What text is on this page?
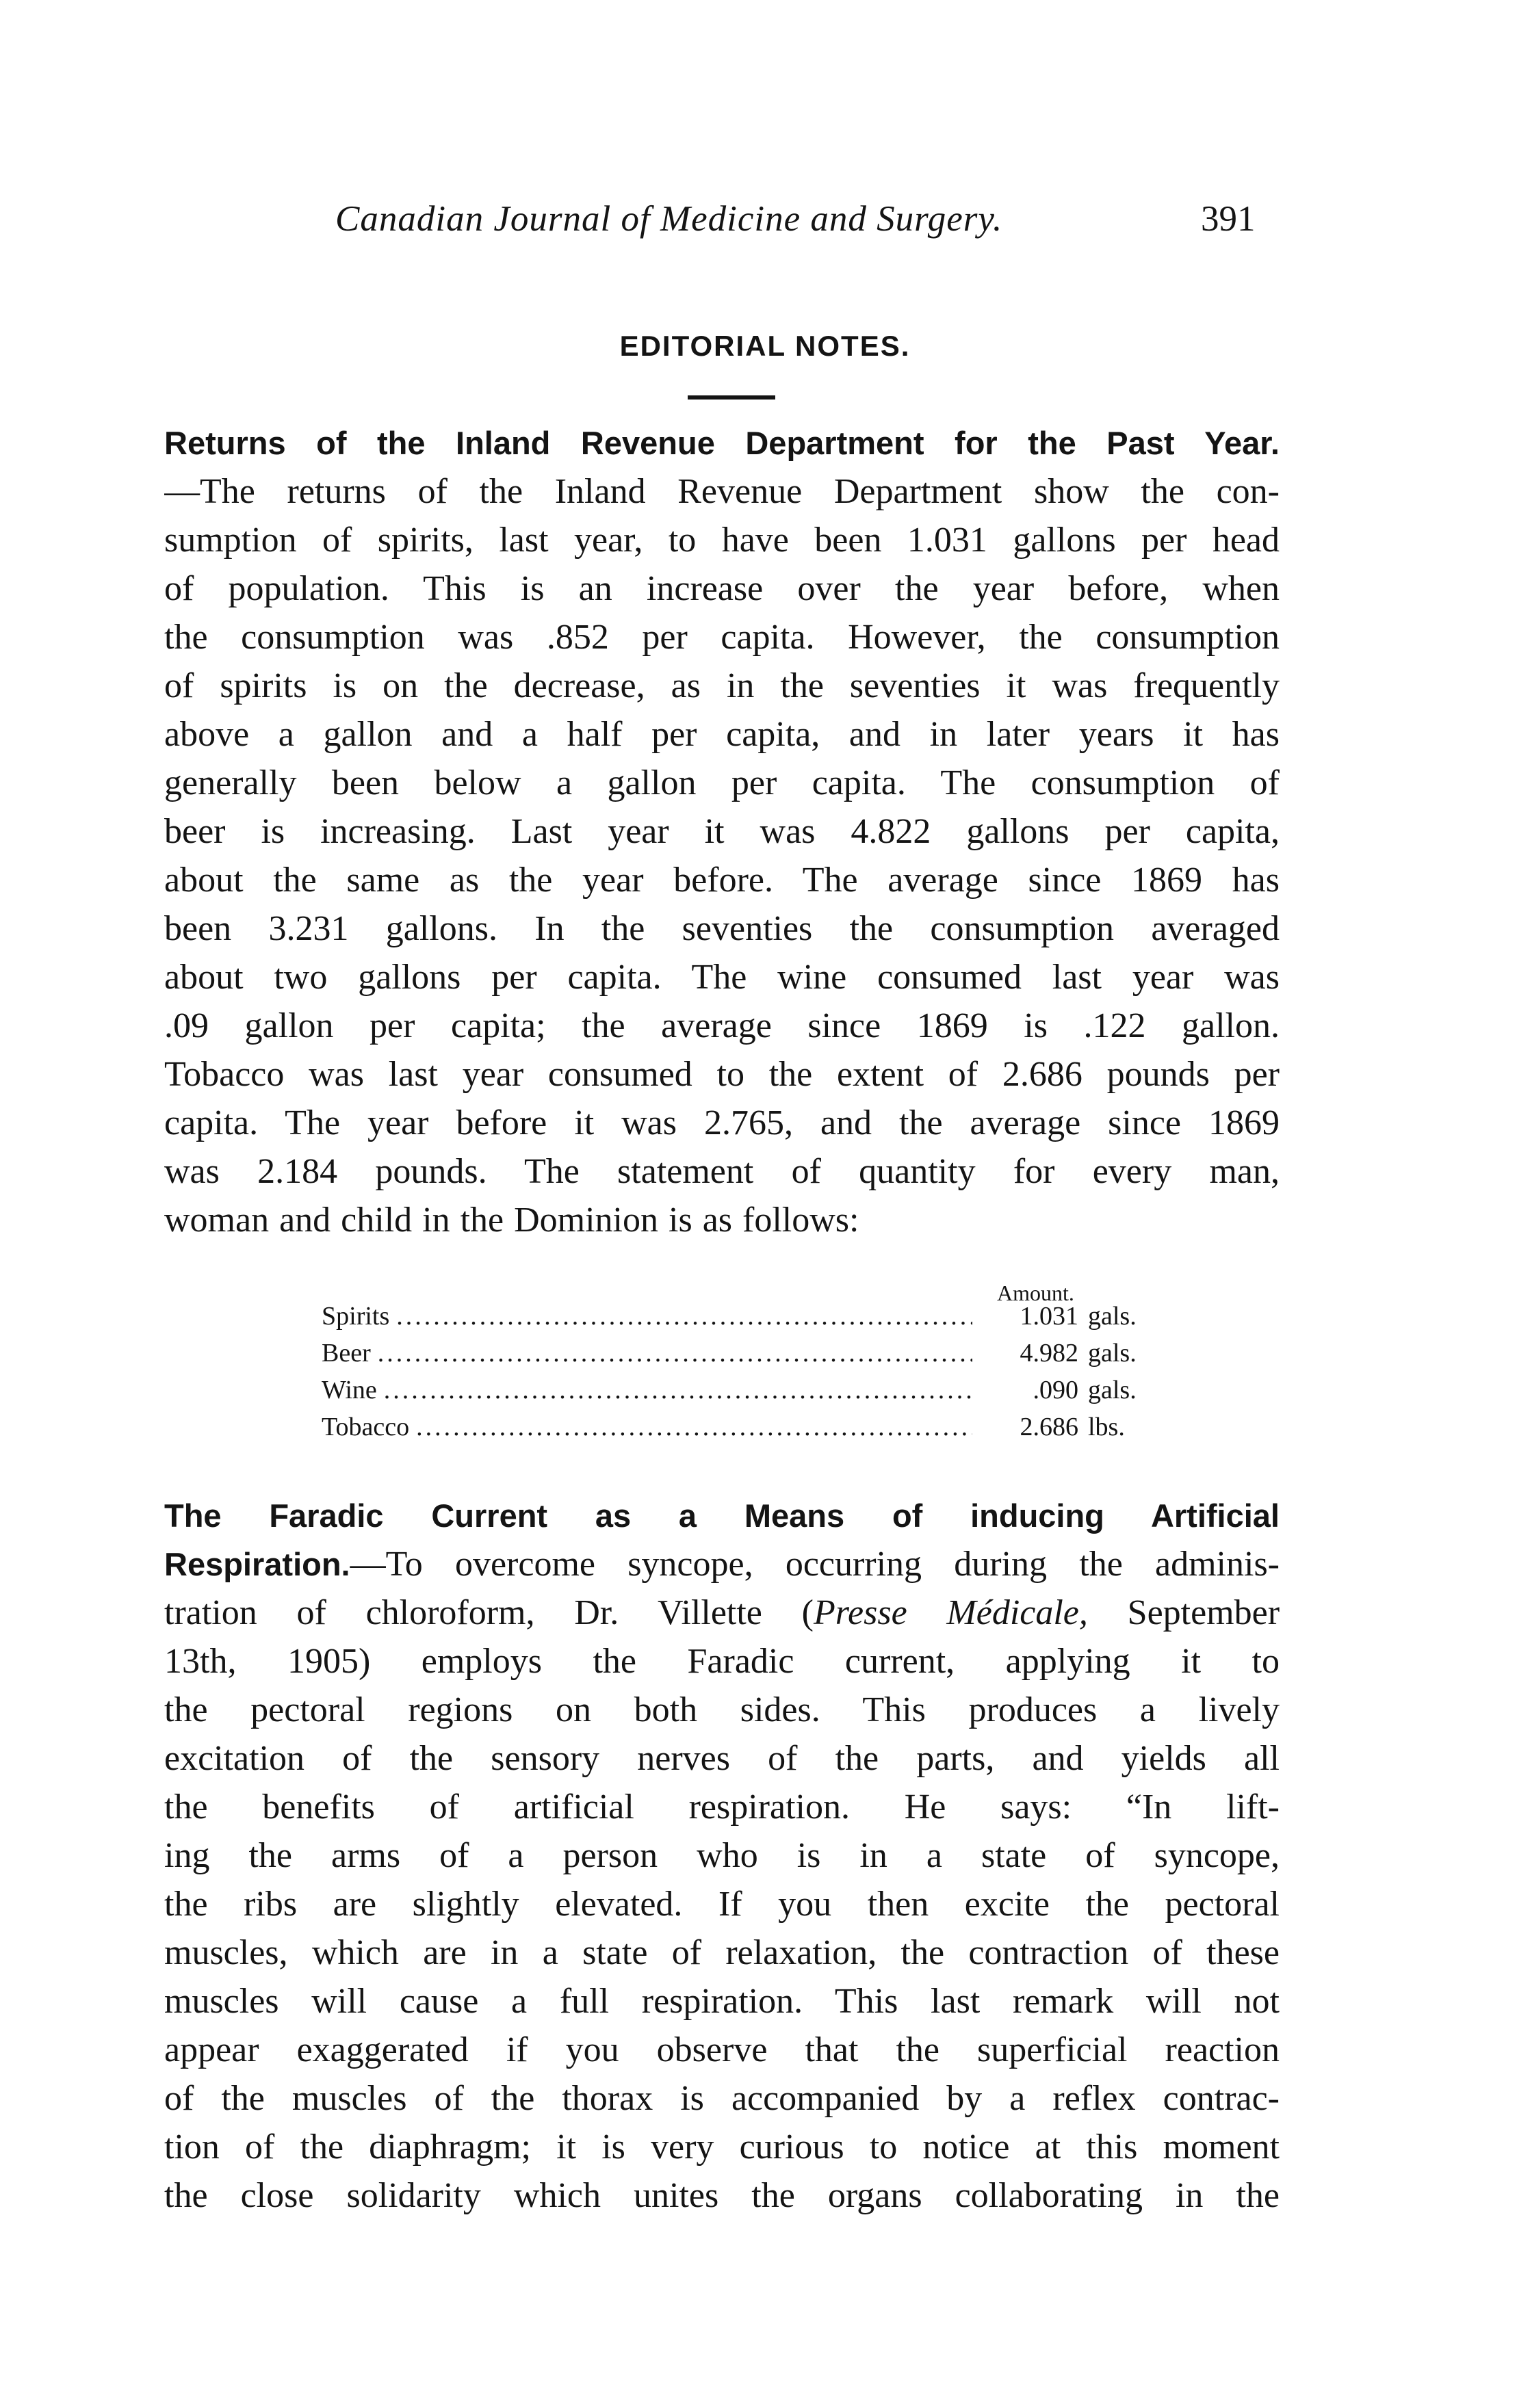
Canadian Journal of Medicine and Surgery.	391
EDITORIAL NOTES.
Returns of the Inland Revenue Department for the Past Year.
—The returns of the Inland Revenue Department show the con-
sumption of spirits, last year, to have been 1.031 gallons per head
of population. This is an increase over the year before, when
the consumption was .852 per capita. However, the consumption
of spirits is on the decrease, as in the seventies it was frequently
above a gallon and a half per capita, and in later years it has
generally been below a gallon per capita. The consumption of
beer is increasing. Last year it was 4.822 gallons per capita,
about the same as the year before. The average since 1869 has
been 3.231 gallons. In the seventies the consumption averaged
about two gallons per capita. The wine consumed last year was
.09 gallon per capita; the average since 1869 is .122 gallon.
Tobacco was last year consumed to the extent of 2.686 pounds per
capita. The year before it was 2.765, and the average since 1869
was 2.184 pounds. The statement of quantity for every man,
woman and child in the Dominion is as follows:
Amount.
Spirits .....	1.031 gals.
Beer .....	4.982 gals.
Wine .....	.090 gals.
Tobacco .....	2.686 lbs.
The Faradic Current as a Means of inducing Artificial
Respiration.—To overcome syncope, occurring during the adminis-
tration of chloroform, Dr. Villette (Presse Médicale, September
13th, 1905) employs the Faradic current, applying it to
the pectoral regions on both sides. This produces a lively
excitation of the sensory nerves of the parts, and yields all
the benefits of artificial respiration. He says: “In lift-
ing the arms of a person who is in a state of syncope,
the ribs are slightly elevated. If you then excite the pectoral
muscles, which are in a state of relaxation, the contraction of these
muscles will cause a full respiration. This last remark will not
appear exaggerated if you observe that the superficial reaction
of the muscles of the thorax is accompanied by a reflex contrac-
tion of the diaphragm; it is very curious to notice at this moment
the close solidarity which unites the organs collaborating in the
